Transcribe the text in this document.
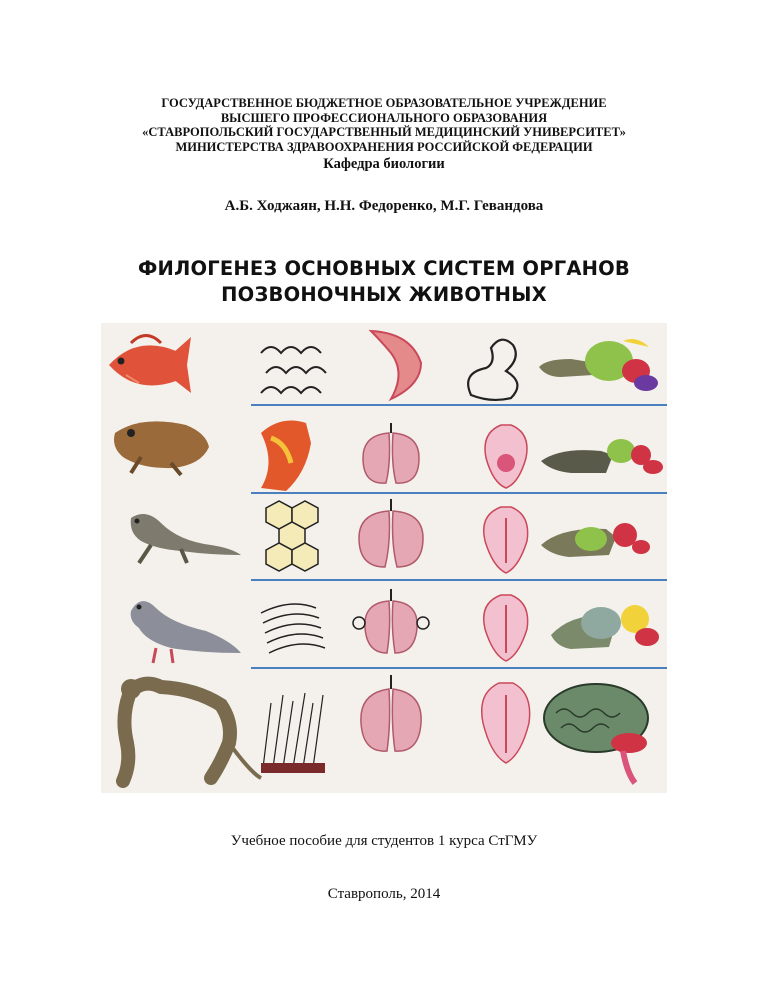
ГОСУДАРСТВЕННОЕ БЮДЖЕТНОЕ ОБРАЗОВАТЕЛЬНОЕ УЧРЕЖДЕНИЕ
ВЫСШЕГО ПРОФЕССИОНАЛЬНОГО ОБРАЗОВАНИЯ
«СТАВРОПОЛЬСКИЙ ГОСУДАРСТВЕННЫЙ МЕДИЦИНСКИЙ УНИВЕРСИТЕТ»
МИНИСТЕРСТВА ЗДРАВООХРАНЕНИЯ РОССИЙСКОЙ ФЕДЕРАЦИИ
Кафедра биологии
А.Б. Ходжаян, Н.Н. Федоренко, М.Г. Гевандова
ФИЛОГЕНЕЗ ОСНОВНЫХ СИСТЕМ ОРГАНОВ
ПОЗВОНОЧНЫХ ЖИВОТНЫХ
Учебное пособие для студентов 1 курса СтГМУ
Ставрополь, 2014
